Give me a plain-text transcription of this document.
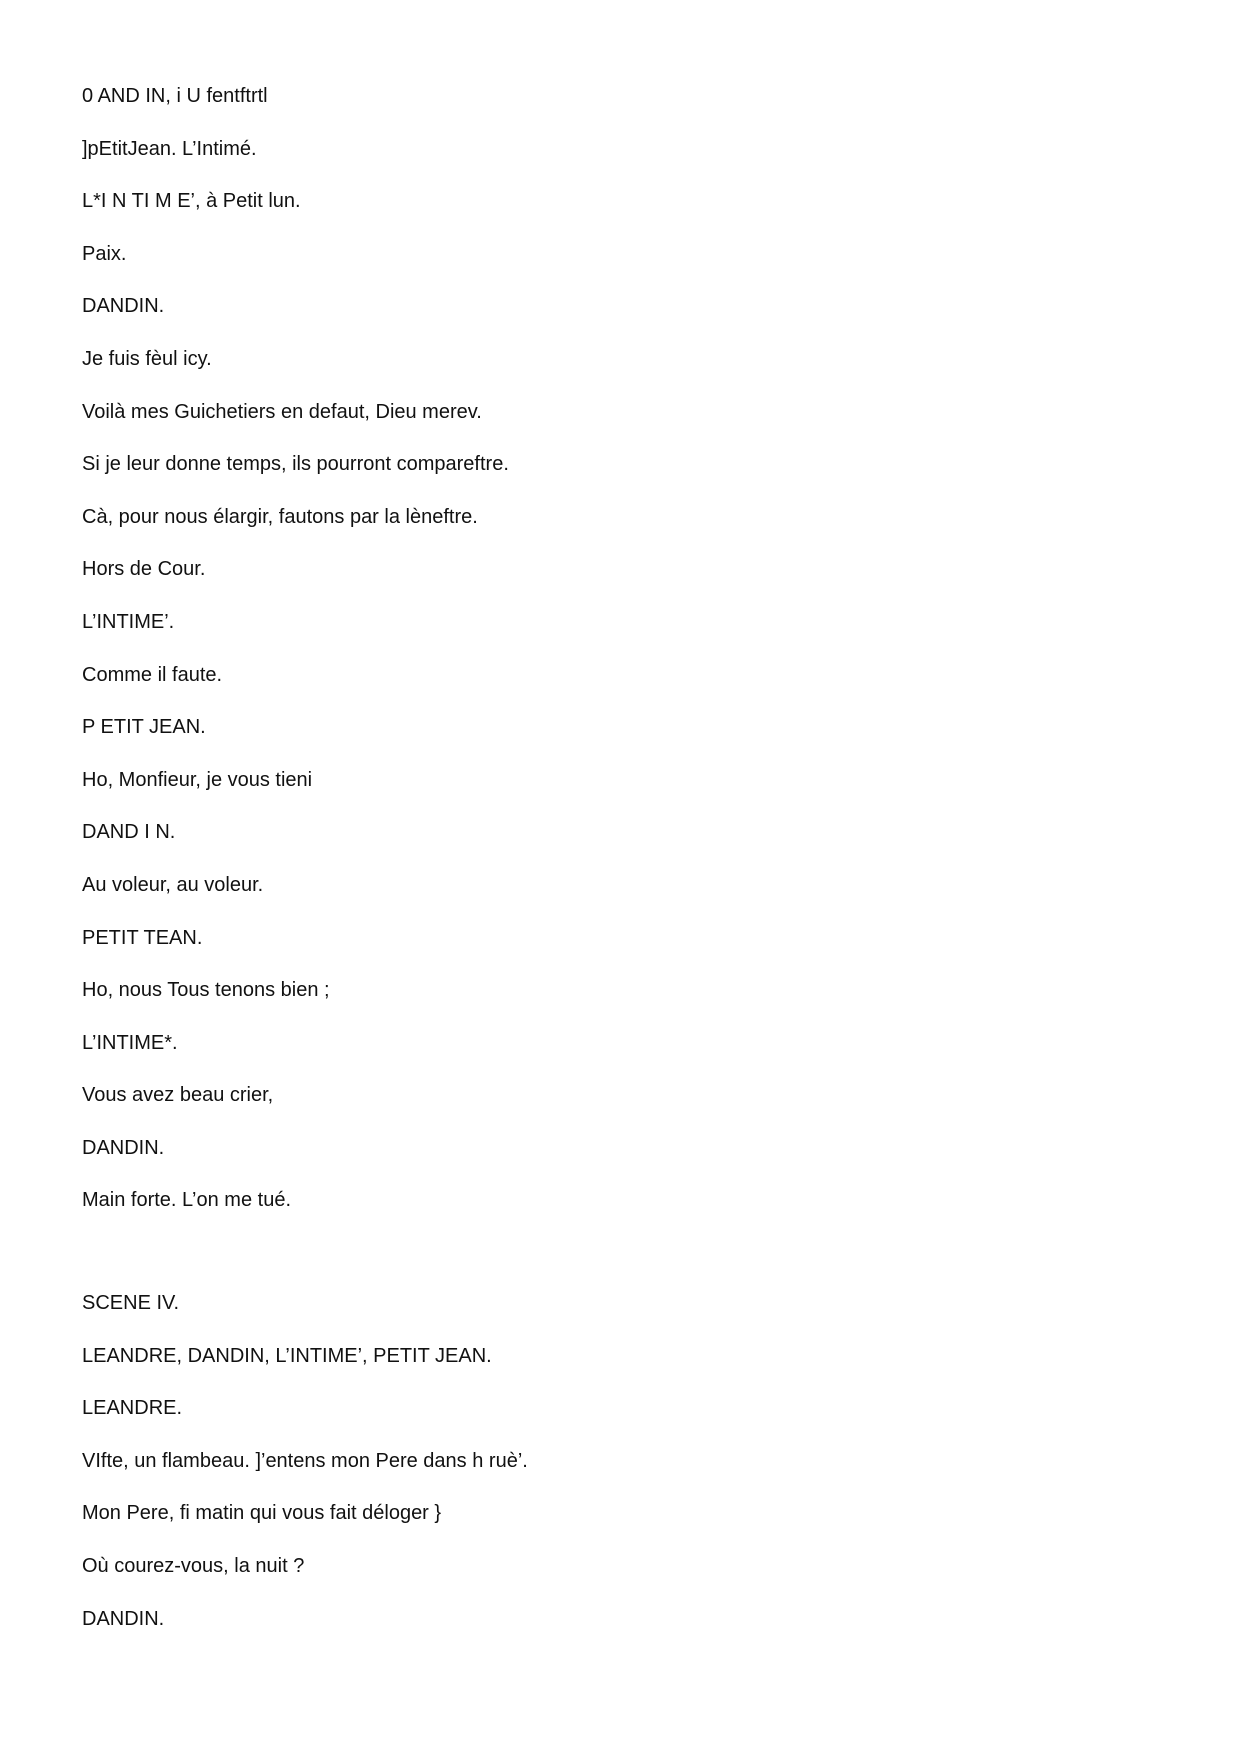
0 AND IN, i U fentftrtl
]pEtitJean. L’Intimé.
L*I N TI M E’, à Petit lun.
Paix.
DANDIN.
Je fuis fèul icy.
Voilà mes Guichetiers en defaut, Dieu merev.
Si je leur donne temps, ils pourront compareftre.
Cà, pour nous élargir, fautons par la lèneftre.
Hors de Cour.
L’INTIME’.
Comme il faute.
P ETIT JEAN.
Ho, Monfieur, je vous tieni
DAND I N.
Au voleur, au voleur.
PETIT TEAN.
Ho, nous Tous tenons bien ;
L’INTIME*.
Vous avez beau crier,
DANDIN.
Main forte. L’on me tué.
SCENE IV.
LEANDRE, DANDIN, L’INTIME’, PETIT JEAN.
LEANDRE.
VIfte, un flambeau. ]’entens mon Pere dans h ruè’.
Mon Pere, fi matin qui vous fait déloger }
Où courez-vous, la nuit ?
DANDIN.
